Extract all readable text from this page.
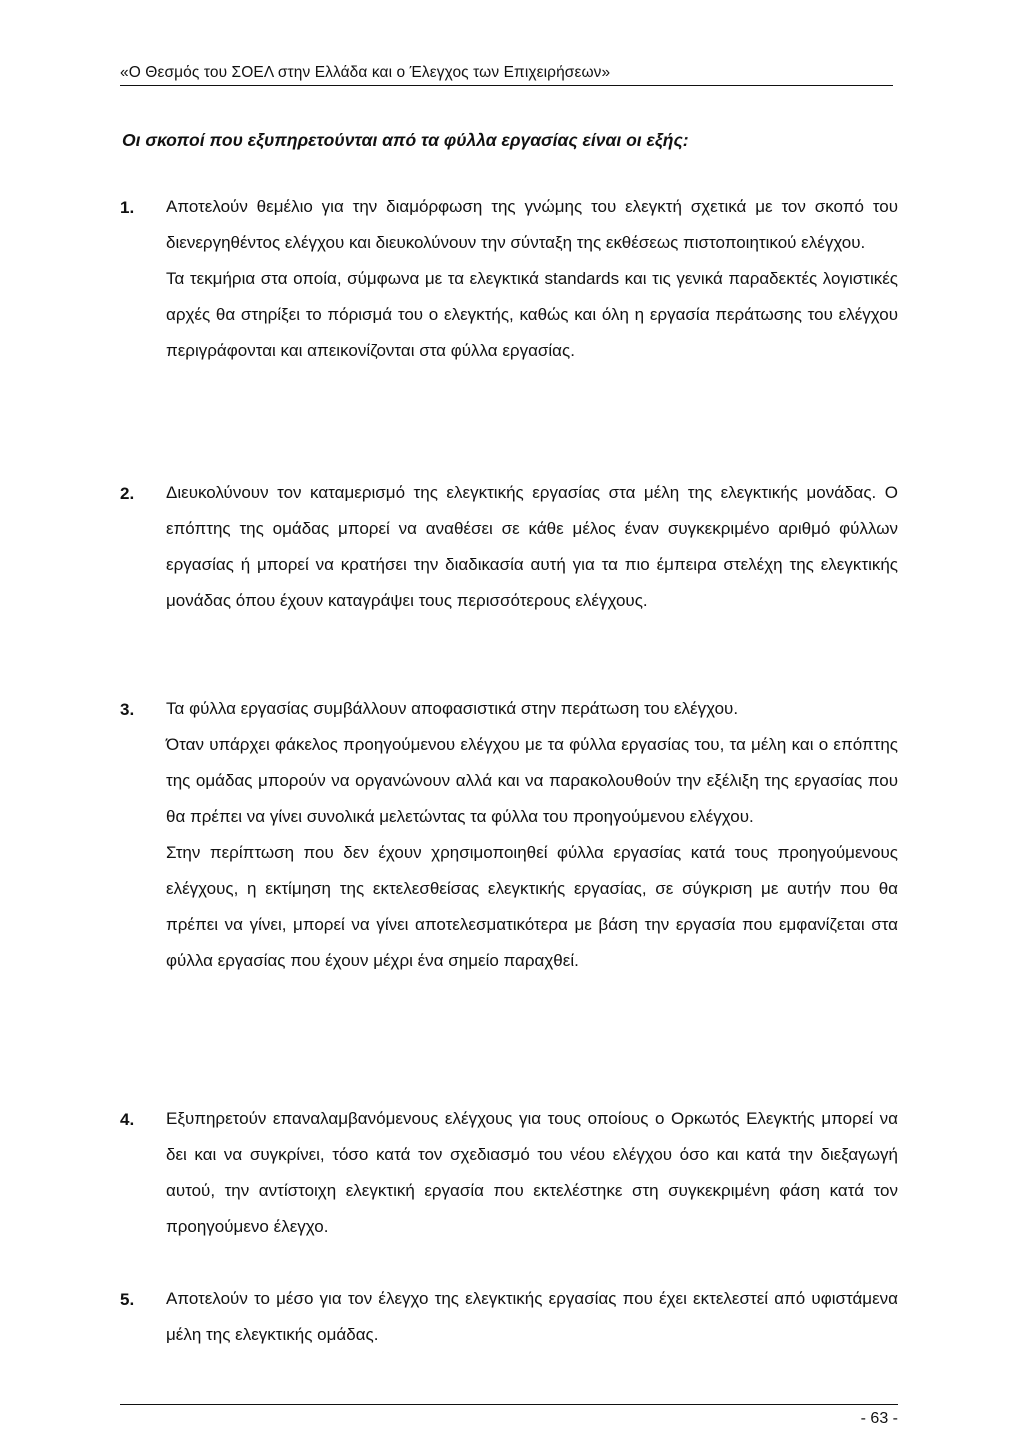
«Ο Θεσμός του ΣΟΕΛ στην Ελλάδα και ο Έλεγχος των Επιχειρήσεων»
Οι σκοποί που εξυπηρετούνται από τα φύλλα εργασίας είναι οι εξής:
1. Αποτελούν θεμέλιο για την διαμόρφωση της γνώμης του ελεγκτή σχετικά με τον σκοπό του διενεργηθέντος ελέγχου και διευκολύνουν την σύνταξη της εκθέσεως πιστοποιητικού ελέγχου.

Τα τεκμήρια στα οποία, σύμφωνα με τα ελεγκτικά standards και τις γενικά παραδεκτές λογιστικές αρχές θα στηρίξει το πόρισμά του ο ελεγκτής, καθώς και όλη η εργασία περάτωσης του ελέγχου περιγράφονται και απεικονίζονται στα φύλλα εργασίας.

2. Διευκολύνουν τον καταμερισμό της ελεγκτικής εργασίας στα μέλη της ελεγκτικής μονάδας. Ο επόπτης της ομάδας μπορεί να αναθέσει σε κάθε μέλος έναν συγκεκριμένο αριθμό φύλλων εργασίας ή μπορεί να κρατήσει την διαδικασία αυτή για τα πιο έμπειρα στελέχη της ελεγκτικής μονάδας όπου έχουν καταγράψει τους περισσότερους ελέγχους.

3. Τα φύλλα εργασίας συμβάλλουν αποφασιστικά στην περάτωση του ελέγχου.

Όταν υπάρχει φάκελος προηγούμενου ελέγχου με τα φύλλα εργασίας του, τα μέλη και ο επόπτης της ομάδας μπορούν να οργανώνουν αλλά και να παρακολουθούν την εξέλιξη της εργασίας που θα πρέπει να γίνει συνολικά μελετώντας τα φύλλα του προηγούμενου ελέγχου.

Στην περίπτωση που δεν έχουν χρησιμοποιηθεί φύλλα εργασίας κατά τους προηγούμενους ελέγχους, η εκτίμηση της εκτελεσθείσας ελεγκτικής εργασίας, σε σύγκριση με αυτήν που θα πρέπει να γίνει, μπορεί να γίνει αποτελεσματικότερα με βάση την εργασία που εμφανίζεται στα φύλλα εργασίας που έχουν μέχρι ένα σημείο παραχθεί.

4. Εξυπηρετούν επαναλαμβανόμενους ελέγχους για τους οποίους ο Ορκωτός Ελεγκτής μπορεί να δει και να συγκρίνει, τόσο κατά τον σχεδιασμό του νέου ελέγχου όσο και κατά την διεξαγωγή αυτού, την αντίστοιχη ελεγκτική εργασία που εκτελέστηκε στη συγκεκριμένη φάση κατά τον προηγούμενο έλεγχο.

5. Αποτελούν το μέσο για τον έλεγχο της ελεγκτικής εργασίας που έχει εκτελεστεί από υφιστάμενα μέλη της ελεγκτικής ομάδας.

- 63 -
